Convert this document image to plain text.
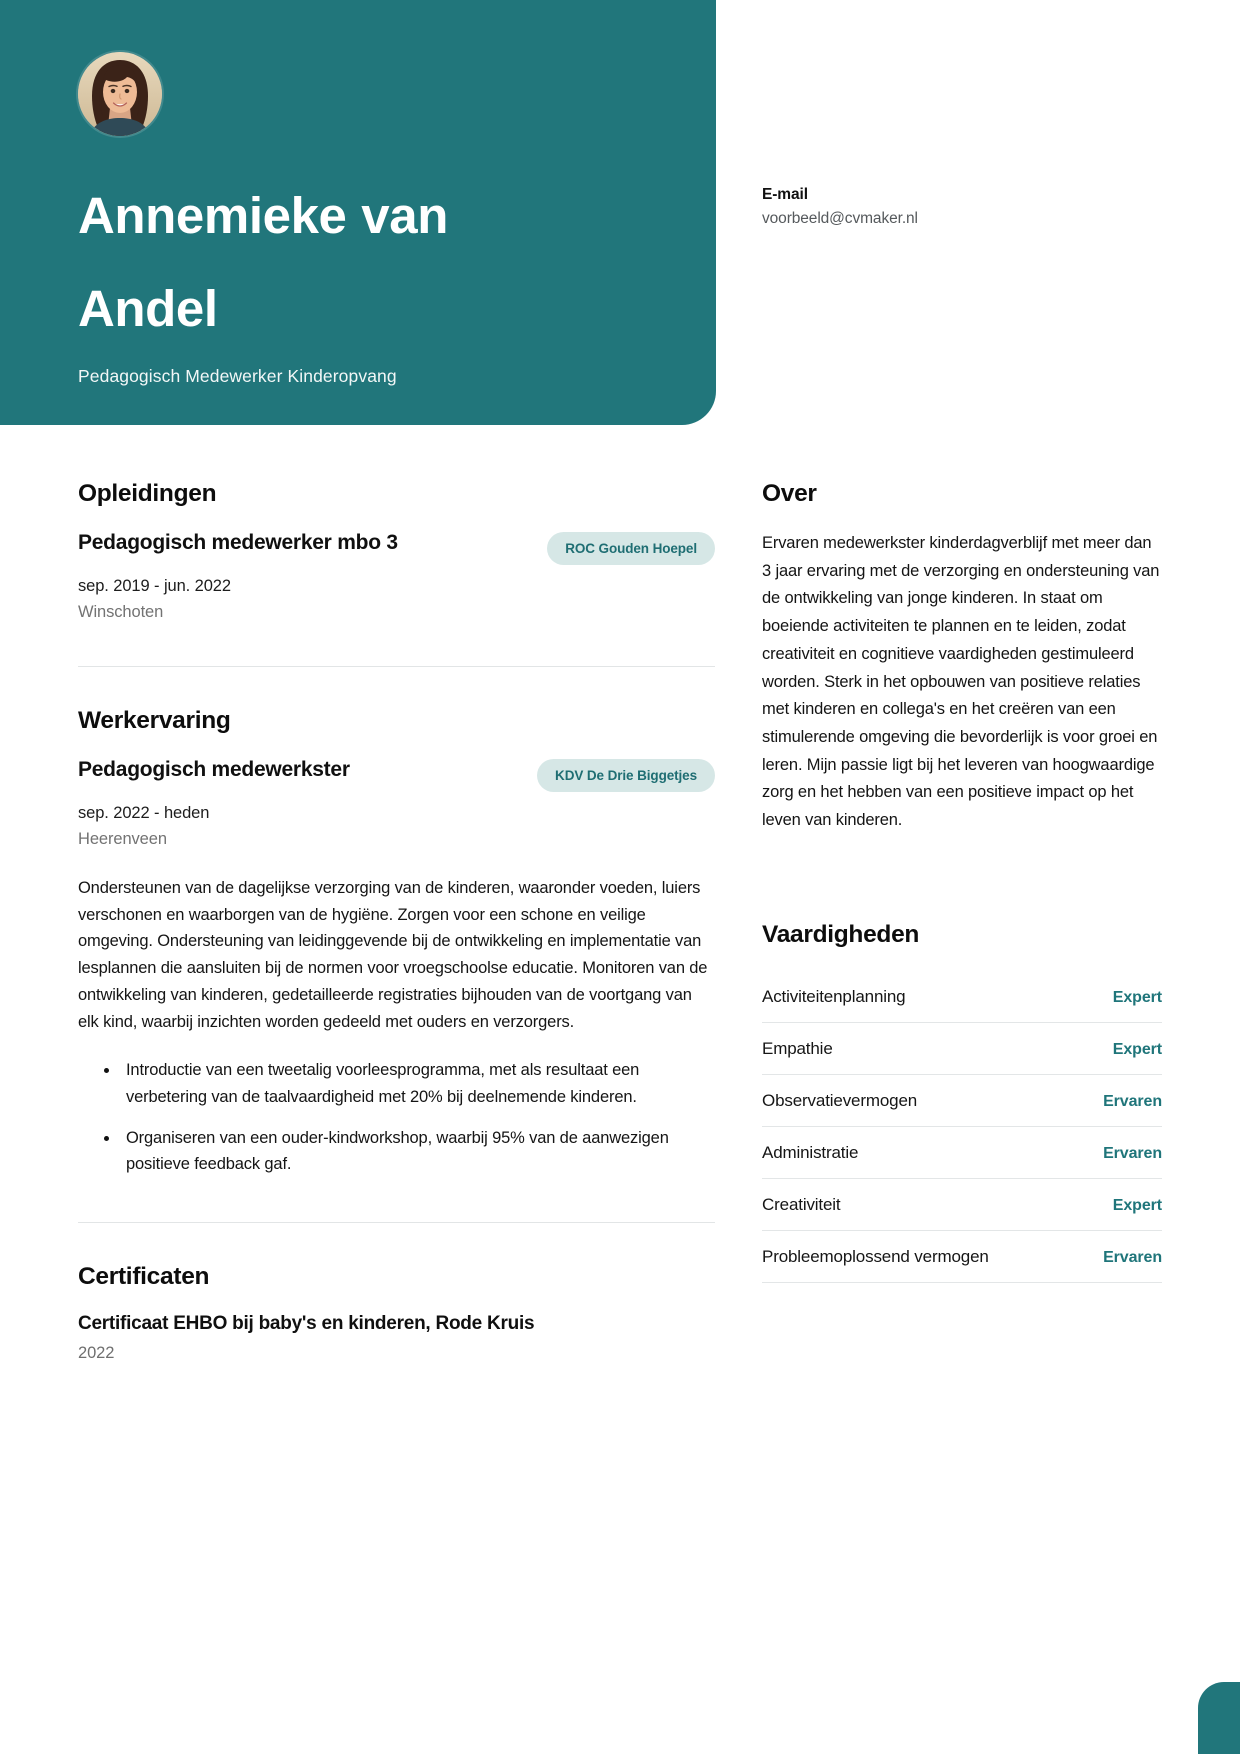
Annemieke van Andel
Pedagogisch Medewerker Kinderopvang
E-mail
voorbeeld@cvmaker.nl
Opleidingen
Pedagogisch medewerker mbo 3	ROC Gouden Hoepel
sep. 2019 - jun. 2022
Winschoten
Werkervaring
Pedagogisch medewerkster	KDV De Drie Biggetjes
sep. 2022 - heden
Heerenveen
Ondersteunen van de dagelijkse verzorging van de kinderen, waaronder voeden, luiers verschonen en waarborgen van de hygiëne. Zorgen voor een schone en veilige omgeving. Ondersteuning van leidinggevende bij de ontwikkeling en implementatie van lesplannen die aansluiten bij de normen voor vroegschoolse educatie. Monitoren van de ontwikkeling van kinderen, gedetailleerde registraties bijhouden van de voortgang van elk kind, waarbij inzichten worden gedeeld met ouders en verzorgers.
Introductie van een tweetalig voorleesprogramma, met als resultaat een verbetering van de taalvaardigheid met 20% bij deelnemende kinderen.
Organiseren van een ouder-kindworkshop, waarbij 95% van de aanwezigen positieve feedback gaf.
Certificaten
Certificaat EHBO bij baby's en kinderen, Rode Kruis
2022
Over
Ervaren medewerkster kinderdagverblijf met meer dan 3 jaar ervaring met de verzorging en ondersteuning van de ontwikkeling van jonge kinderen. In staat om boeiende activiteiten te plannen en te leiden, zodat creativiteit en cognitieve vaardigheden gestimuleerd worden. Sterk in het opbouwen van positieve relaties met kinderen en collega's en het creëren van een stimulerende omgeving die bevorderlijk is voor groei en leren. Mijn passie ligt bij het leveren van hoogwaardige zorg en het hebben van een positieve impact op het leven van kinderen.
Vaardigheden
Activiteitenplanning	Expert
Empathie	Expert
Observatievermogen	Ervaren
Administratie	Ervaren
Creativiteit	Expert
Probleemoplossend vermogen	Ervaren
